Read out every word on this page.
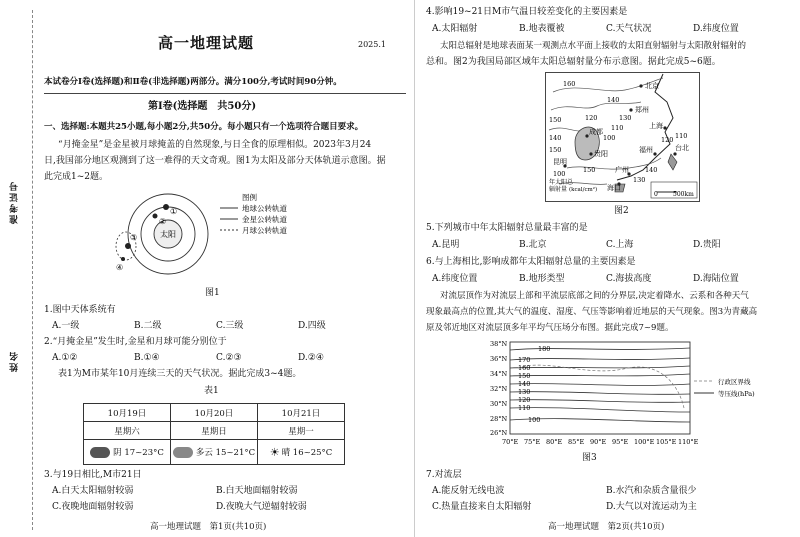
准考证号
姓名
高一地理试题	2025.1
本试卷分Ⅰ卷(选择题)和Ⅱ卷(非选择题)两部分。满分100分,考试时间90分钟。
第Ⅰ卷(选择题　共50分)
一、选择题:本题共25小题,每小题2分,共50分。每小题只有一个选项符合题目要求。
“月掩金星”是金星被月球掩盖的自然现象,与日全食的原理相似。2023年3月24
日,我国部分地区观测到了这一难得的天文奇观。图1为太阳及部分天体轨道示意图。据
此完成1~2题。
太阳
①
②
③
④
图例
地球公转轨道
金星公转轨道
月球公转轨道
图1
1.图中天体系统有
A.一级	B.二级	C.三级	D.四级
2.“月掩金星”发生时,金星和月球可能分别位于
A.①②	B.①④	C.②③	D.②④
表1为M市某年10月连续三天的天气状况。据此完成3~4题。
表1
10月19日	10月20日	10月21日
星期六	星期日	星期一
阴 17~23°C	多云 15~21°C	☀ 晴 16~25°C
3.与19日相比,M市21日
A.白天太阳辐射较弱	B.白天地面辐射较弱
C.夜晚地面辐射较弱	D.夜晚大气逆辐射较弱
高一地理试题　第1页(共10页)
4.影响19~21日M市气温日较差变化的主要因素是
A.太阳辐射	B.地表覆被	C.天气状况	D.纬度位置
太阳总辐射是地球表面某一观测点水平面上接收的太阳直射辐射与太阳散射辐射的
总和。图2为我国局部区域年太阳总辐射量分布示意图。据此完成5~6题。
北京
郑州
成都
上海
贵阳	福州	台北
昆明
广州
海口
160
150
140
130
120
110
100
140
150
110
120
130
140
150
100
年太阳总
辐射量 (kcal/cm²)
0	500km
图2
5.下列城市中年太阳辐射总量最丰富的是
A.昆明	B.北京	C.上海	D.贵阳
6.与上海相比,影响成都年太阳辐射总量的主要因素是
A.纬度位置	B.地形类型	C.海拔高度	D.海陆位置
对流层顶作为对流层上部和平流层底部之间的分界层,决定着降水、云系和各种天气
现象最高点的位置,其大气的温度、湿度、气压等影响着近地层的天气现象。图3为青藏高
原及邻近地区对流层顶多年平均气压场分布图。据此完成7~9题。
38°N
36°N
34°N
32°N
30°N
28°N
26°N
70°E 75°E 80°E 85°E 90°E 95°E 100°E 105°E 110°E
180
170
160
150
140
130
120
110
100
行政区界线
等压线(hPa)
图3
7.对流层
A.能反射无线电波	B.水汽和杂质含量很少
C.热量直接来自太阳辐射	D.大气以对流运动为主
高一地理试题　第2页(共10页)
